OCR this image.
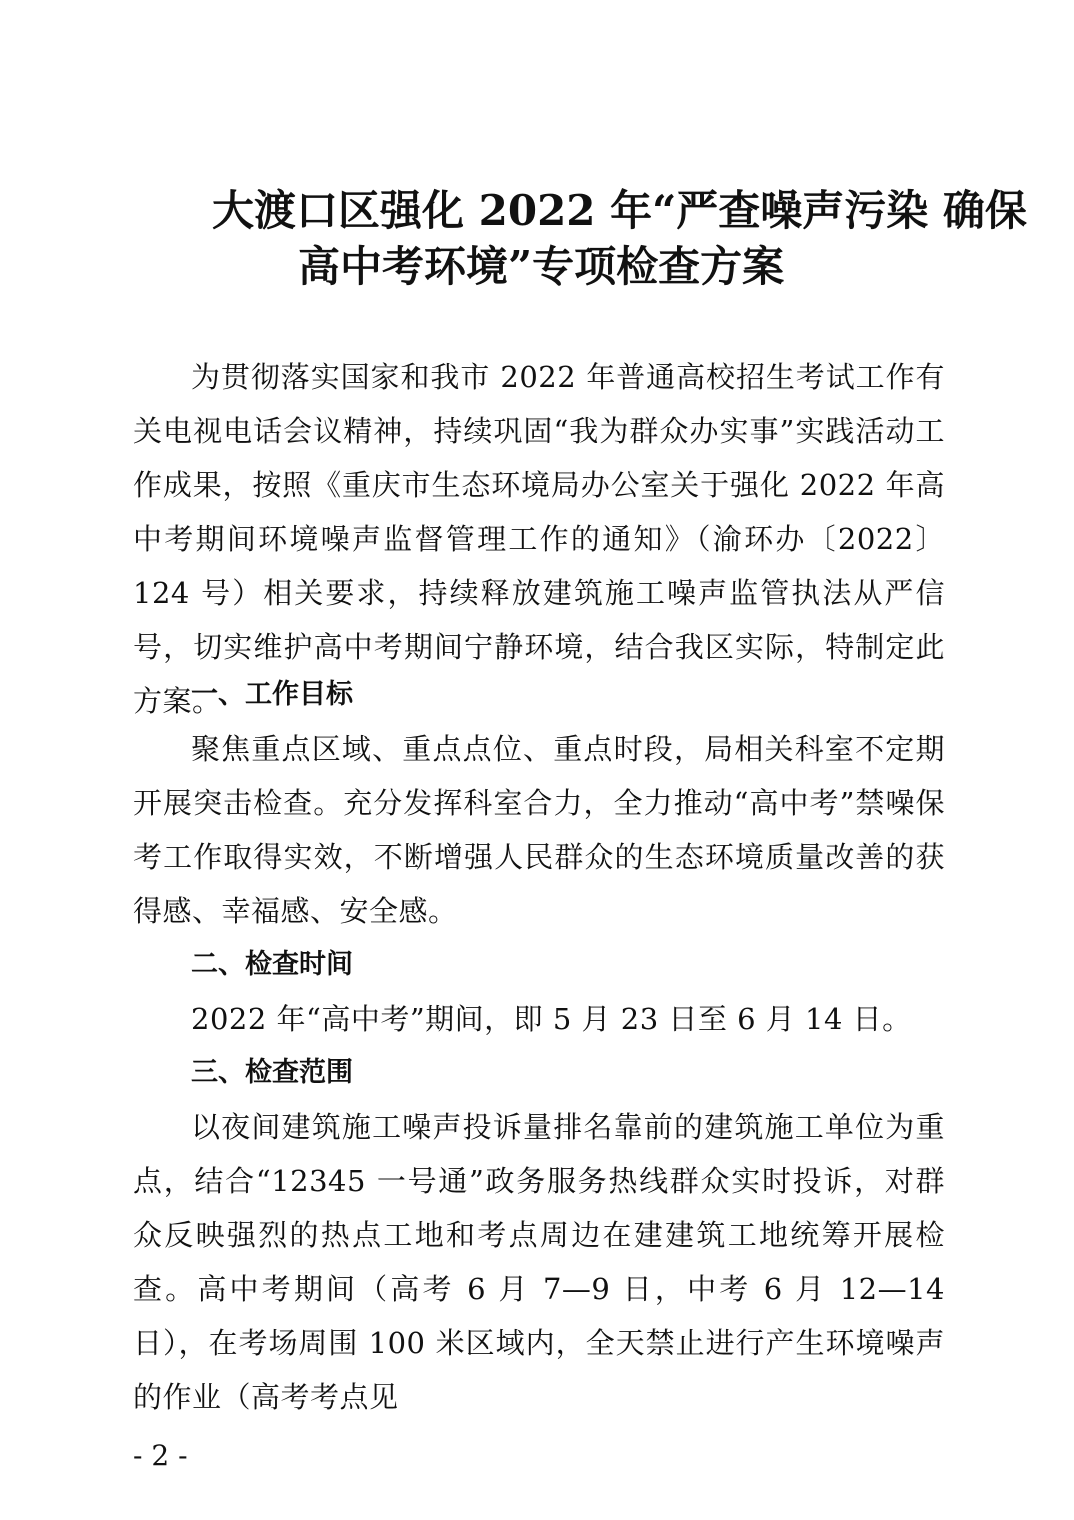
大渡口区强化 2022 年“严查噪声污染 确保
高中考环境”专项检查方案

为贯彻落实国家和我市 2022 年普通高校招生考试工作有关电视电话会议精神，持续巩固“我为群众办实事”实践活动工作成果，按照《重庆市生态环境局办公室关于强化 2022 年高中考期间环境噪声监督管理工作的通知》（渝环办〔2022〕124 号）相关要求，持续释放建筑施工噪声监管执法从严信号，切实维护高中考期间宁静环境，结合我区实际，特制定此方案。

一、工作目标

聚焦重点区域、重点点位、重点时段，局相关科室不定期开展突击检查。充分发挥科室合力，全力推动“高中考”禁噪保考工作取得实效，不断增强人民群众的生态环境质量改善的获得感、幸福感、安全感。

二、检查时间

2022 年“高中考”期间，即 5 月 23 日至 6 月 14 日。

三、检查范围

以夜间建筑施工噪声投诉量排名靠前的建筑施工单位为重点，结合“12345 一号通”政务服务热线群众实时投诉，对群众反映强烈的热点工地和考点周边在建建筑工地统筹开展检查。高中考期间（高考 6 月 7—9 日，中考 6 月 12—14 日），在考场周围 100 米区域内，全天禁止进行产生环境噪声的作业（高考考点见

- 2 -
